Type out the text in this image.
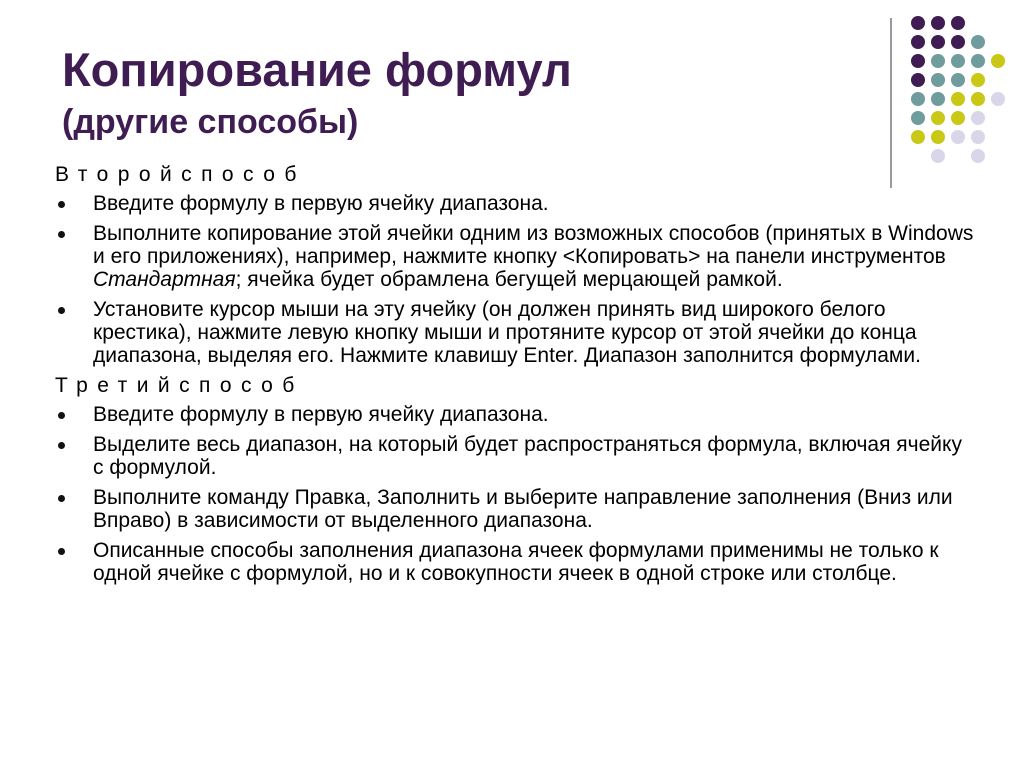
Копирование формул
(другие способы)
Второйспособ
Введите формулу в первую ячейку диапазона.
Выполните копирование этой ячейки одним из возможных способов (принятых в Windows и его приложениях), например, нажмите кнопку <Копировать> на панели инструментов Стандартная; ячейка будет обрамлена бегущей мерцающей рамкой.
Установите курсор мыши на эту ячейку (он должен принять вид широкого белого крестика), нажмите левую кнопку мыши и протяните курсор от этой ячейки до конца диапазона, выделяя его. Нажмите клавишу Enter. Диапазон заполнится формулами.
Третийспособ
Введите формулу в первую ячейку диапазона.
Выделите весь диапазон, на который будет распространяться формула, включая ячейку с формулой.
Выполните команду Правка, Заполнить и выберите направление заполнения (Вниз или Вправо) в зависимости от выделенного диапазона.
Описанные способы заполнения диапазона ячеек формулами применимы не только к одной ячейке с формулой, но и к совокупности ячеек в одной строке или столбце.
